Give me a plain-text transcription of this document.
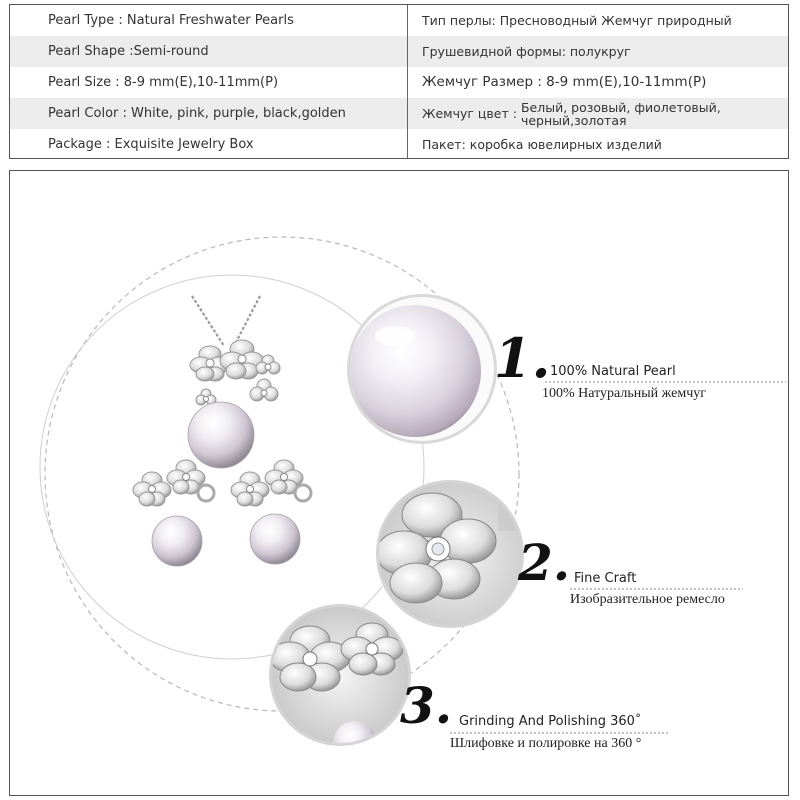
Pearl Type : Natural Freshwater Pearls	Тип перлы: Пресноводный Жемчуг природный
Pearl Shape :Semi-round	Грушевидной формы: полукруг
Pearl Size : 8-9 mm(E),10-11mm(P)	Жемчуг Размер : 8-9 mm(E),10-11mm(P)
Pearl Color : White, pink, purple, black,golden	Жемчуг цвет : Белый, розовый, фиолетовый, черный,золотая
Package : Exquisite Jewelry Box	Пакет: коробка ювелирных изделий
1. 100% Natural Pearl
100% Натуральный жемчуг
2. Fine Craft
Изобразительное ремесло
3. Grinding And Polishing 360˚
Шлифовке и полировке на 360 °
